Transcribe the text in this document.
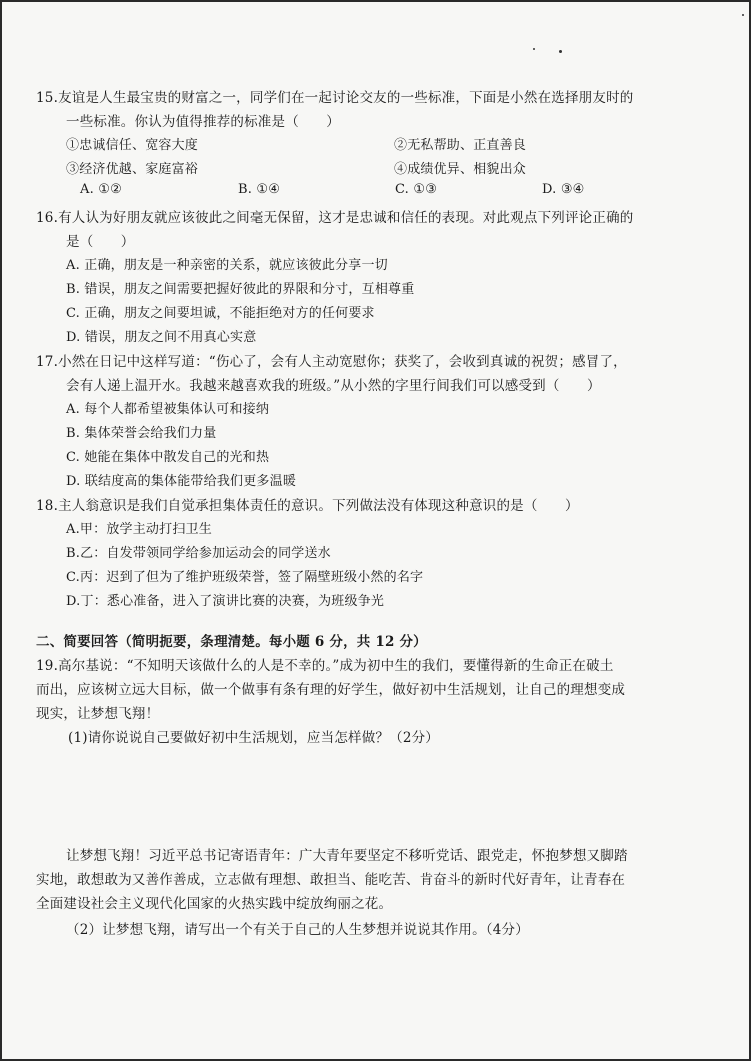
15.友谊是人生最宝贵的财富之一，同学们在一起讨论交友的一些标准，下面是小然在选择朋友时的
一些标准。你认为值得推荐的标准是（　　）
①忠诚信任、宽容大度	②无私帮助、正直善良
③经济优越、家庭富裕	④成绩优异、相貌出众
A. ①②	B. ①④	C. ①③	D. ③④
16.有人认为好朋友就应该彼此之间毫无保留，这才是忠诚和信任的表现。对此观点下列评论正确的
是（　　）
A. 正确，朋友是一种亲密的关系，就应该彼此分享一切
B. 错误，朋友之间需要把握好彼此的界限和分寸，互相尊重
C. 正确，朋友之间要坦诚，不能拒绝对方的任何要求
D. 错误，朋友之间不用真心实意
17.小然在日记中这样写道：“伤心了，会有人主动宽慰你；获奖了，会收到真诚的祝贺；感冒了，
会有人递上温开水。我越来越喜欢我的班级。”从小然的字里行间我们可以感受到（　　）
A. 每个人都希望被集体认可和接纳
B. 集体荣誉会给我们力量
C. 她能在集体中散发自己的光和热
D. 联结度高的集体能带给我们更多温暖
18.主人翁意识是我们自觉承担集体责任的意识。下列做法没有体现这种意识的是（　　）
A.甲：放学主动打扫卫生
B.乙：自发带领同学给参加运动会的同学送水
C.丙：迟到了但为了维护班级荣誉，签了隔壁班级小然的名字
D.丁：悉心准备，进入了演讲比赛的决赛，为班级争光
二、简要回答（简明扼要，条理清楚。每小题 6 分，共 12 分）
19.高尔基说：“不知明天该做什么的人是不幸的。”成为初中生的我们，要懂得新的生命正在破土
而出，应该树立远大目标，做一个做事有条有理的好学生，做好初中生活规划，让自己的理想变成
现实，让梦想飞翔！
(1)请你说说自己要做好初中生活规划，应当怎样做？（2分）
让梦想飞翔！习近平总书记寄语青年：广大青年要坚定不移听党话、跟党走，怀抱梦想又脚踏
实地，敢想敢为又善作善成，立志做有理想、敢担当、能吃苦、肯奋斗的新时代好青年，让青春在
全面建设社会主义现代化国家的火热实践中绽放绚丽之花。
（2）让梦想飞翔，请写出一个有关于自己的人生梦想并说说其作用。（4分）
